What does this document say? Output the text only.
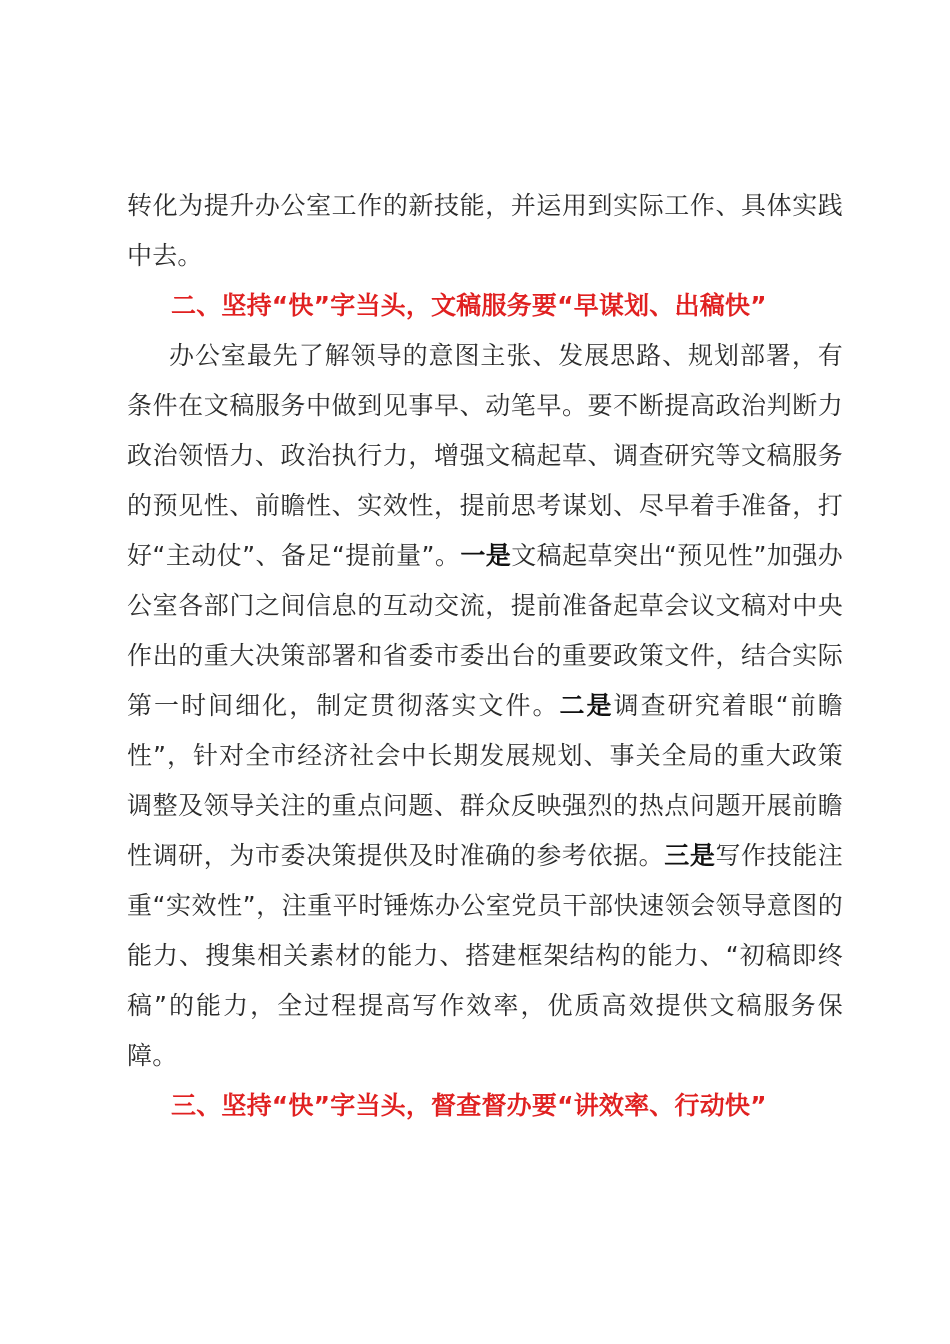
转化为提升办公室工作的新技能，并运用到实际工作、具体实践中去。

二、坚持“快”字当头，文稿服务要“早谋划、出稿快”

办公室最先了解领导的意图主张、发展思路、规划部署，有条件在文稿服务中做到见事早、动笔早。要不断提高政治判断力政治领悟力、政治执行力，增强文稿起草、调查研究等文稿服务的预见性、前瞻性、实效性，提前思考谋划、尽早着手准备，打好“主动仗”、备足“提前量”。一是文稿起草突出“预见性”加强办公室各部门之间信息的互动交流，提前准备起草会议文稿对中央作出的重大决策部署和省委市委出台的重要政策文件，结合实际第一时间细化，制定贯彻落实文件。二是调查研究着眼“前瞻性”，针对全市经济社会中长期发展规划、事关全局的重大政策调整及领导关注的重点问题、群众反映强烈的热点问题开展前瞻性调研，为市委决策提供及时准确的参考依据。三是写作技能注重“实效性”，注重平时锤炼办公室党员干部快速领会领导意图的能力、搜集相关素材的能力、搭建框架结构的能力、“初稿即终稿”的能力，全过程提高写作效率，优质高效提供文稿服务保障。

三、坚持“快”字当头，督查督办要“讲效率、行动快”
